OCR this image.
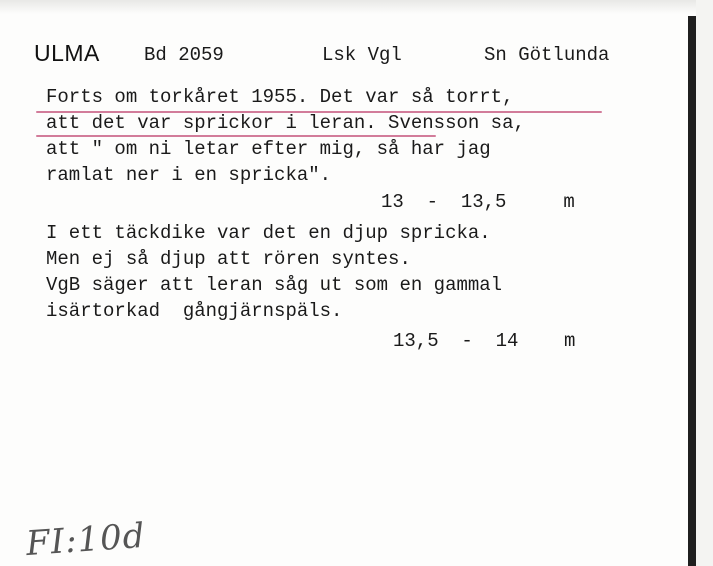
ULMA Bd 2059	Lsk Vgl	Sn Götlunda
Forts om torkåret 1955. Det var så torrt,
att det var sprickor i leran. Svensson sa,
att " om ni letar efter mig, så har jag
ramlat ner i en spricka".
13  -  13,5     m
I ett täckdike var det en djup spricka.
Men ej så djup att rören syntes.
VgB säger att leran såg ut som en gammal
isärtorkad  gångjärnspäls.
13,5  -  14    m
FI:10d
